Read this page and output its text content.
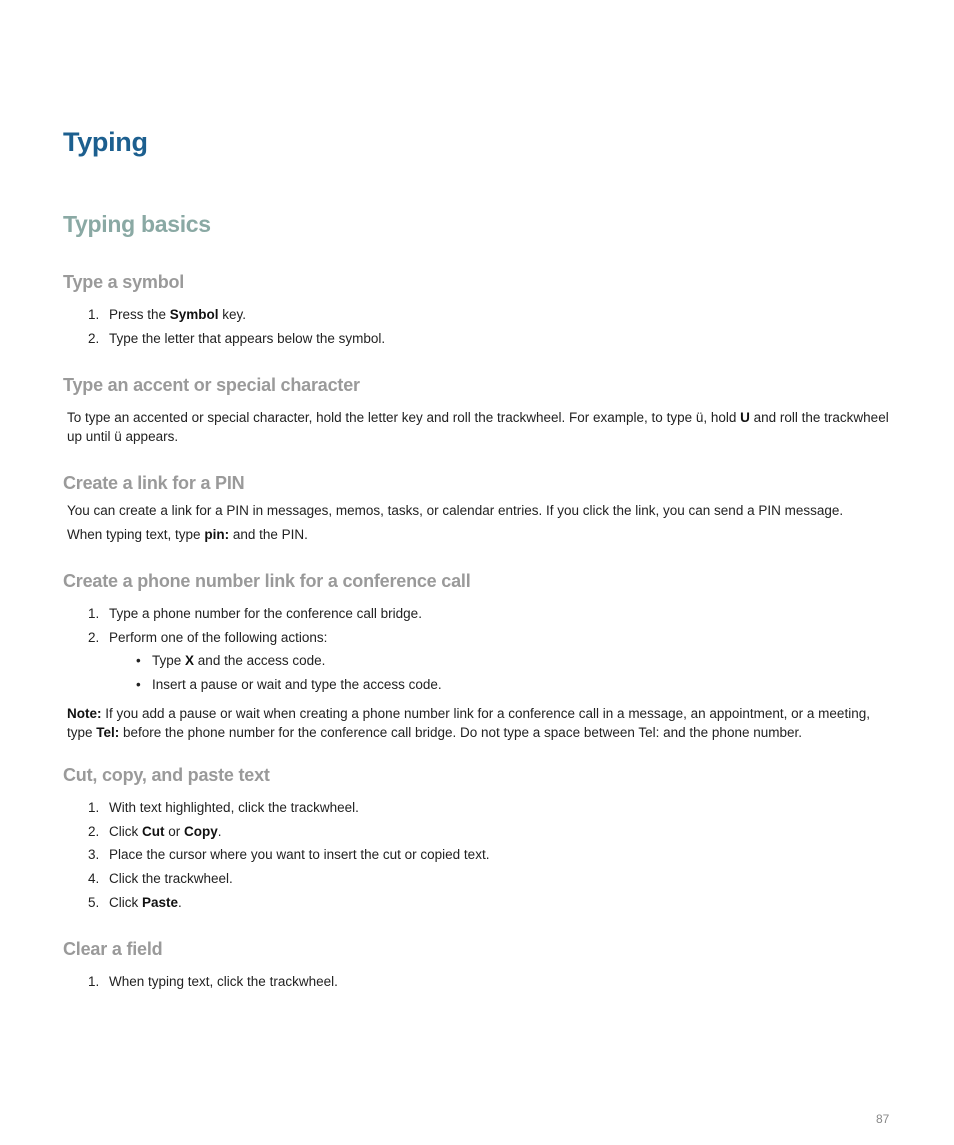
Typing
Typing basics
Type a symbol
1. Press the Symbol key.
2. Type the letter that appears below the symbol.
Type an accent or special character
To type an accented or special character, hold the letter key and roll the trackwheel. For example, to type ü, hold U and roll the trackwheel
up until ü appears.
Create a link for a PIN
You can create a link for a PIN in messages, memos, tasks, or calendar entries. If you click the link, you can send a PIN message.
When typing text, type pin: and the PIN.
Create a phone number link for a conference call
1. Type a phone number for the conference call bridge.
2. Perform one of the following actions:
• Type X and the access code.
• Insert a pause or wait and type the access code.
Note: If you add a pause or wait when creating a phone number link for a conference call in a message, an appointment, or a meeting,
type Tel: before the phone number for the conference call bridge. Do not type a space between Tel: and the phone number.
Cut, copy, and paste text
1. With text highlighted, click the trackwheel.
2. Click Cut or Copy.
3. Place the cursor where you want to insert the cut or copied text.
4. Click the trackwheel.
5. Click Paste.
Clear a field
1. When typing text, click the trackwheel.
87
